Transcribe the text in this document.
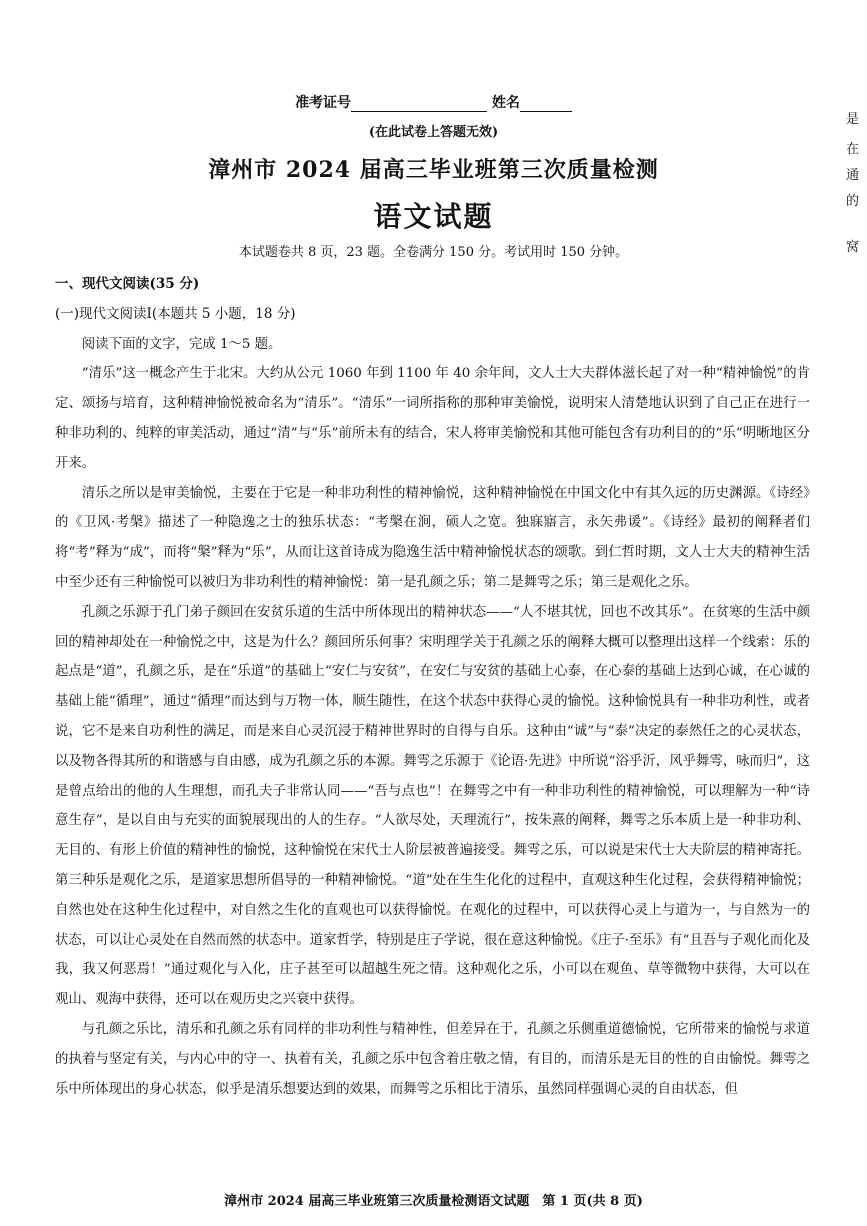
是
在
通
的
窝
准考证号	姓名
(在此试卷上答题无效)
漳州市 2024 届高三毕业班第三次质量检测
语文试题
本试题卷共 8 页，23 题。全卷满分 150 分。考试用时 150 分钟。

一、现代文阅读(35 分)

(一)现代文阅读Ⅰ(本题共 5 小题，18 分)

阅读下面的文字，完成 1～5 题。

“清乐”这一概念产生于北宋。大约从公元 1060 年到 1100 年 40 余年间，文人士大夫群体滋长起了对一种“精神愉悦”的肯定、颂扬与培育，这种精神愉悦被命名为“清乐”。“清乐”一词所指称的那种审美愉悦，说明宋人清楚地认识到了自己正在进行一种非功利的、纯粹的审美活动，通过“清”与“乐”前所未有的结合，宋人将审美愉悦和其他可能包含有功利目的的“乐”明晰地区分开来。

清乐之所以是审美愉悦，主要在于它是一种非功利性的精神愉悦，这种精神愉悦在中国文化中有其久远的历史渊源。《诗经》的《卫风·考槃》描述了一种隐逸之士的独乐状态：“考槃在涧，硕人之宽。独寐寤言，永矢弗谖”。《诗经》最初的阐释者们将“考”释为“成”，而将“槃”释为“乐”，从而让这首诗成为隐逸生活中精神愉悦状态的颂歌。到仁哲时期，文人士大夫的精神生活中至少还有三种愉悦可以被归为非功利性的精神愉悦：第一是孔颜之乐；第二是舞雩之乐；第三是观化之乐。

孔颜之乐源于孔门弟子颜回在安贫乐道的生活中所体现出的精神状态——“人不堪其忧，回也不改其乐”。在贫寒的生活中颜回的精神却处在一种愉悦之中，这是为什么？颜回所乐何事？宋明理学关于孔颜之乐的阐释大概可以整理出这样一个线索：乐的起点是“道”，孔颜之乐，是在“乐道”的基础上“安仁与安贫”，在安仁与安贫的基础上心泰，在心泰的基础上达到心诚，在心诚的基础上能“循理”，通过“循理”而达到与万物一体，顺生随性，在这个状态中获得心灵的愉悦。这种愉悦具有一种非功利性，或者说，它不是来自功利性的满足，而是来自心灵沉浸于精神世界时的自得与自乐。这种由“诚”与“泰”决定的泰然任之的心灵状态，以及物各得其所的和谐感与自由感，成为孔颜之乐的本源。舞雩之乐源于《论语·先进》中所说“浴乎沂，风乎舞雩，咏而归”，这是曾点给出的他的人生理想，而孔夫子非常认同——“吾与点也”！在舞雩之中有一种非功利性的精神愉悦，可以理解为一种“诗意生存”，是以自由与充实的面貌展现出的人的生存。“人欲尽处，天理流行”，按朱熹的阐释，舞雩之乐本质上是一种非功利、无目的、有形上价值的精神性的愉悦，这种愉悦在宋代士人阶层被普遍接受。舞雩之乐，可以说是宋代士大夫阶层的精神寄托。第三种乐是观化之乐，是道家思想所倡导的一种精神愉悦。“道”处在生生化化的过程中，直观这种生化过程，会获得精神愉悦；自然也处在这种生化过程中，对自然之生化的直观也可以获得愉悦。在观化的过程中，可以获得心灵上与道为一，与自然为一的状态，可以让心灵处在自然而然的状态中。道家哲学，特别是庄子学说，很在意这种愉悦。《庄子·至乐》有“且吾与子观化而化及我，我又何恶焉！”通过观化与入化，庄子甚至可以超越生死之情。这种观化之乐，小可以在观鱼、草等微物中获得，大可以在观山、观海中获得，还可以在观历史之兴衰中获得。

与孔颜之乐比，清乐和孔颜之乐有同样的非功利性与精神性，但差异在于，孔颜之乐侧重道德愉悦，它所带来的愉悦与求道的执着与坚定有关，与内心中的守一、执着有关，孔颜之乐中包含着庄敬之情，有目的，而清乐是无目的性的自由愉悦。舞雩之乐中所体现出的身心状态，似乎是清乐想要达到的效果，而舞雩之乐相比于清乐，虽然同样强调心灵的自由状态，但

漳州市 2024 届高三毕业班第三次质量检测语文试题　第 1 页(共 8 页)
